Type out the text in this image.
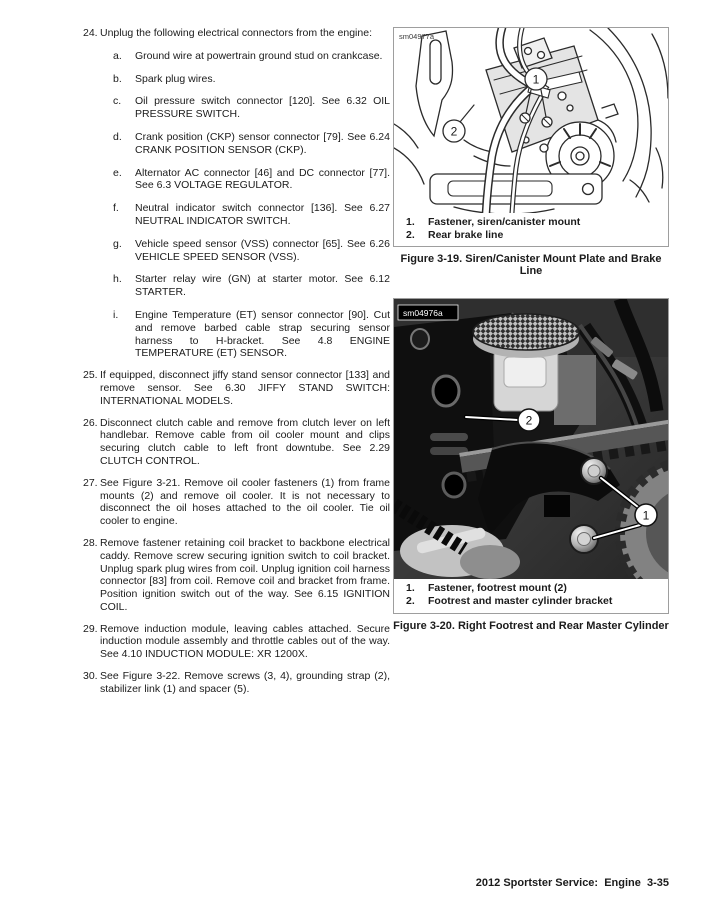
24. Unplug the following electrical connectors from the engine:
a.	Ground wire at powertrain ground stud on crankcase.
b.	Spark plug wires.
c.	Oil pressure switch connector [120]. See 6.32 OIL PRESSURE SWITCH.
d.	Crank position (CKP) sensor connector [79]. See 6.24 CRANK POSITION SENSOR (CKP).
e.	Alternator AC connector [46] and DC connector [77]. See 6.3 VOLTAGE REGULATOR.
f.	Neutral indicator switch connector [136]. See 6.27 NEUTRAL INDICATOR SWITCH.
g.	Vehicle speed sensor (VSS) connector [65]. See 6.26 VEHICLE SPEED SENSOR (VSS).
h.	Starter relay wire (GN) at starter motor. See 6.12 STARTER.
i.	Engine Temperature (ET) sensor connector [90]. Cut and remove barbed cable strap securing sensor harness to H-bracket. See 4.8 ENGINE TEMPERATURE (ET) SENSOR.
25. If equipped, disconnect jiffy stand sensor connector [133] and remove sensor. See 6.30 JIFFY STAND SWITCH: INTERNATIONAL MODELS.
26. Disconnect clutch cable and remove from clutch lever on left handlebar. Remove cable from oil cooler mount and clips securing clutch cable to left front downtube. See 2.29 CLUTCH CONTROL.
27. See Figure 3-21. Remove oil cooler fasteners (1) from frame mounts (2) and remove oil cooler. It is not necessary to disconnect the oil hoses attached to the oil cooler. Tie oil cooler to engine.
28. Remove fastener retaining coil bracket to backbone electrical caddy. Remove screw securing ignition switch to coil bracket. Unplug spark plug wires from coil. Unplug ignition coil harness connector [83] from coil. Remove coil and bracket from frame. Position ignition switch out of the way. See 6.15 IGNITION COIL.
29. Remove induction module, leaving cables attached. Secure induction module assembly and throttle cables out of the way. See 4.10 INDUCTION MODULE: XR 1200X.
30. See Figure 3-22. Remove screws (3, 4), grounding strap (2), stabilizer link (1) and spacer (5).
1
2
sm04977a
1.	Fastener, siren/canister mount
2.	Rear brake line
Figure 3-19. Siren/Canister Mount Plate and Brake Line
2
1
sm04976a
1.	Fastener, footrest mount (2)
2.	Footrest and master cylinder bracket
Figure 3-20. Right Footrest and Rear Master Cylinder
2012 Sportster Service:  Engine  3-35
